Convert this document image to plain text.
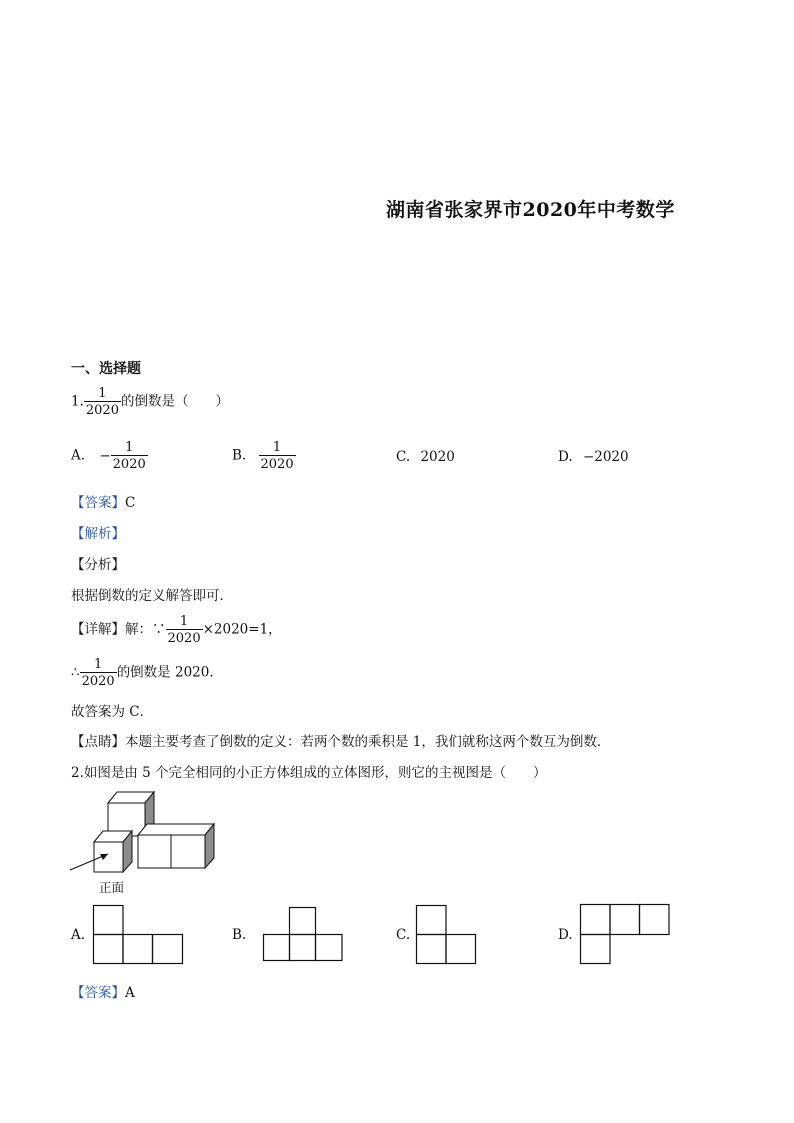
湖南省张家界市2020年中考数学
一、选择题
1. $\frac{1}{2020}$ 的倒数是（　　）
A. − $\frac{1}{2020}$	B. $\frac{1}{2020}$	C. 2020	D. −2020
【答案】C
【解析】
【分析】
根据倒数的定义解答即可．
【详解】解：∵ $\frac{1}{2020} \times 2020=1$，
∴ $\frac{1}{2020}$ 的倒数是 2020．
故答案为 C．
【点睛】本题主要考查了倒数的定义：若两个数的乘积是 1，我们就称这两个数互为倒数．
2.如图是由 5 个完全相同的小正方体组成的立体图形，则它的主视图是（　　）
正面
A.	B.	C.	D.
【答案】A
